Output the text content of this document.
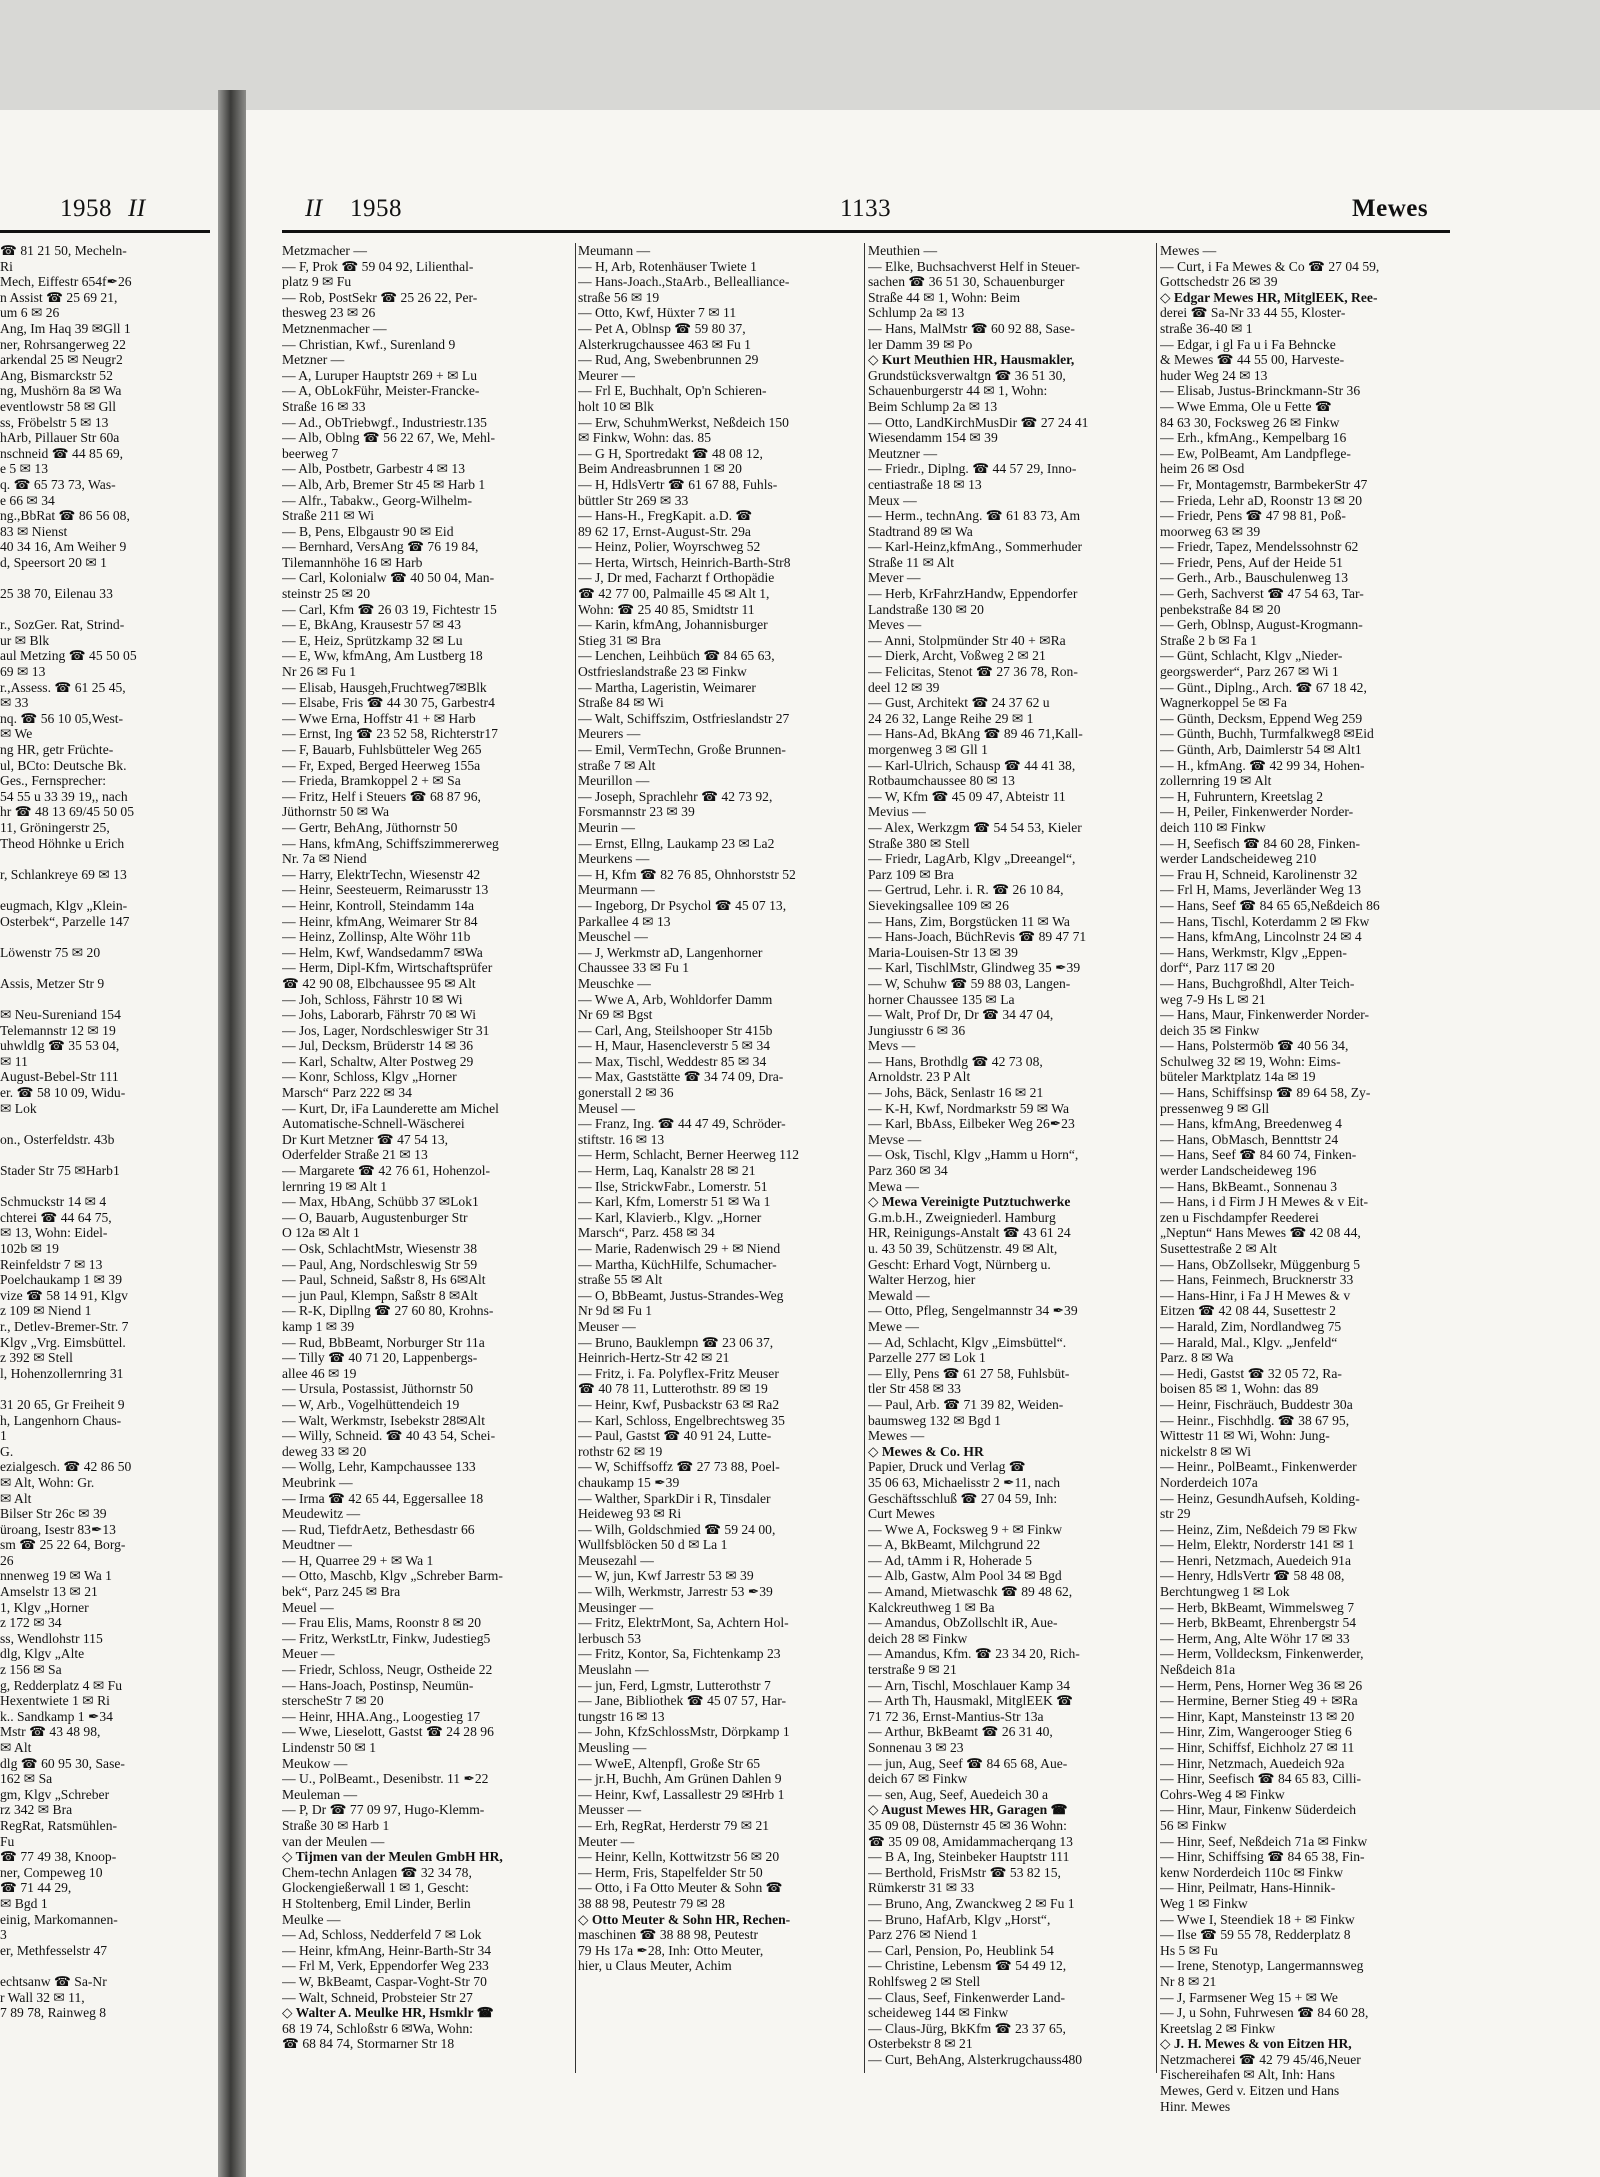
1958 II	II 1958	1133	Mewes
☎ 81 21 50, Mecheln-
Ri
Mech, Eiffestr 654f✒26
n Assist ☎ 25 69 21,
um 6 ✉ 26
Ang, Im Haq 39 ✉Gll 1
ner, Rohrsangerweg 22
arkendal 25 ✉ Neugr2
Ang, Bismarckstr 52
ng, Mushörn 8a ✉ Wa
eventlowstr 58 ✉ Gll
ss, Fröbelstr 5 ✉ 13
hArb, Pillauer Str 60a
nschneid ☎ 44 85 69,
e 5 ✉ 13
q. ☎ 65 73 73, Was-
e 66 ✉ 34
ng.,BbRat ☎ 86 56 08,
83 ✉ Nienst
40 34 16, Am Weiher 9
d, Speersort 20 ✉ 1

25 38 70, Eilenau 33

r., SozGer. Rat, Strind-
ur ✉ Blk
aul Metzing ☎ 45 50 05
69 ✉ 13
r.,Assess. ☎ 61 25 45,
✉ 33
nq. ☎ 56 10 05,West-
✉ We
ng HR, getr Früchte-
ul, BCto: Deutsche Bk.
Ges., Fernsprecher:
54 55 u 33 39 19,, nach
hr ☎ 48 13 69/45 50 05
11, Gröningerstr 25,
Theod Höhnke u Erich

r, Schlankreye 69 ✉ 13

eugmach, Klgv „Klein-
Osterbek“, Parzelle 147

Löwenstr 75 ✉ 20

Assis, Metzer Str 9

✉ Neu-Sureniand 154
Telemannstr 12 ✉ 19
uhwldlg ☎ 35 53 04,
✉ 11
August-Bebel-Str 111
er. ☎ 58 10 09, Widu-
✉ Lok

on., Osterfeldstr. 43b

Stader Str 75 ✉Harb1

Schmuckstr 14 ✉ 4
chterei ☎ 44 64 75,
✉ 13, Wohn: Eidel-
102b ✉ 19
Reinfeldstr 7 ✉ 13
Poelchaukamp 1 ✉ 39
vize ☎ 58 14 91, Klgv
z 109 ✉ Niend 1
r., Detlev-Bremer-Str. 7
Klgv „Vrg. Eimsbüttel.
z 392 ✉ Stell
l, Hohenzollernring 31

31 20 65, Gr Freiheit 9
h, Langenhorn Chaus-
1
G.
ezialgesch. ☎ 42 86 50
✉ Alt, Wohn: Gr.
✉ Alt
Bilser Str 26c ✉ 39
üroang, Isestr 83✒13
sm ☎ 25 22 64, Borg-
26
nnenweg 19 ✉ Wa 1
Amselstr 13 ✉ 21
1, Klgv „Horner
z 172 ✉ 34
ss, Wendlohstr 115
dlg, Klgv „Alte
z 156 ✉ Sa
g, Redderplatz 4 ✉ Fu
Hexentwiete 1 ✉ Ri
k.. Sandkamp 1 ✒34
Mstr ☎ 43 48 98,
✉ Alt
dlg ☎ 60 95 30, Sase-
162 ✉ Sa
gm, Klgv „Schreber
rz 342 ✉ Bra
RegRat, Ratsmühlen-
Fu
☎ 77 49 38, Knoop-
ner, Compeweg 10
☎ 71 44 29,
✉ Bgd 1
einig, Markomannen-
3
er, Methfesselstr 47

echtsanw ☎ Sa-Nr
r Wall 32 ✉ 11,
7 89 78, Rainweg 8
Metzmacher —
— F, Prok ☎ 59 04 92, Lilienthal-
platz 9 ✉ Fu
— Rob, PostSekr ☎ 25 26 22, Per-
thesweg 23 ✉ 26
Metznenmacher —
— Christian, Kwf., Surenland 9
Metzner —
— A, Luruper Hauptstr 269 + ✉ Lu
— A, ObLokFühr, Meister-Francke-
Straße 16 ✉ 33
— Ad., ObTriebwgf., Industriestr.135
— Alb, Oblng ☎ 56 22 67, We, Mehl-
beerweg 7
— Alb, Postbetr, Garbestr 4 ✉ 13
— Alb, Arb, Bremer Str 45 ✉ Harb 1
— Alfr., Tabakw., Georg-Wilhelm-
Straße 211 ✉ Wi
— B, Pens, Elbgaustr 90 ✉ Eid
— Bernhard, VersAng ☎ 76 19 84,
Tilemannhöhe 16 ✉ Harb
— Carl, Kolonialw ☎ 40 50 04, Man-
steinstr 25 ✉ 20
— Carl, Kfm ☎ 26 03 19, Fichtestr 15
— E, BkAng, Krausestr 57 ✉ 43
— E, Heiz, Sprützkamp 32 ✉ Lu
— E, Ww, kfmAng, Am Lustberg 18
Nr 26 ✉ Fu 1
— Elisab, Hausgeh,Fruchtweg7✉Blk
— Elsabe, Fris ☎ 44 30 75, Garbestr4
— Wwe Erna, Hoffstr 41 + ✉ Harb
— Ernst, Ing ☎ 23 52 58, Richterstr17
— F, Bauarb, Fuhlsbütteler Weg 265
— Fr, Exped, Berged Heerweg 155a
— Frieda, Bramkoppel 2 + ✉ Sa
— Fritz, Helf i Steuers ☎ 68 87 96,
Jüthornstr 50 ✉ Wa
— Gertr, BehAng, Jüthornstr 50
— Hans, kfmAng, Schiffszimmererweg
Nr. 7a ✉ Niend
— Harry, ElektrTechn, Wiesenstr 42
— Heinr, Seesteuerm, Reimarusstr 13
— Heinr, Kontroll, Steindamm 14a
— Heinr, kfmAng, Weimarer Str 84
— Heinz, Zollinsp, Alte Wöhr 11b
— Helm, Kwf, Wandsedamm7 ✉Wa
— Herm, Dipl-Kfm, Wirtschaftsprüfer
☎ 42 90 08, Elbchaussee 95 ✉ Alt
— Joh, Schloss, Fährstr 10 ✉ Wi
— Johs, Laborarb, Fährstr 70 ✉ Wi
— Jos, Lager, Nordschleswiger Str 31
— Jul, Decksm, Brüderstr 14 ✉ 36
— Karl, Schaltw, Alter Postweg 29
— Konr, Schloss, Klgv „Horner
Marsch“ Parz 222 ✉ 34
— Kurt, Dr, iFa Launderette am Michel
Automatische-Schnell-Wäscherei
Dr Kurt Metzner ☎ 47 54 13,
Oderfelder Straße 21 ✉ 13
— Margarete ☎ 42 76 61, Hohenzol-
lernring 19 ✉ Alt 1
— Max, HbAng, Schübb 37 ✉Lok1
— O, Bauarb, Augustenburger Str
O 12a ✉ Alt 1
— Osk, SchlachtMstr, Wiesenstr 38
— Paul, Ang, Nordschleswig Str 59
— Paul, Schneid, Saßstr 8, Hs 6✉Alt
— jun Paul, Klempn, Saßstr 8 ✉Alt
— R-K, Dipllng ☎ 27 60 80, Krohns-
kamp 1 ✉ 39
— Rud, BbBeamt, Norburger Str 11a
— Tilly ☎ 40 71 20, Lappenbergs-
allee 46 ✉ 19
— Ursula, Postassist, Jüthornstr 50
— W, Arb., Vogelhüttendeich 19
— Walt, Werkmstr, Isebekstr 28✉Alt
— Willy, Schneid. ☎ 40 43 54, Schei-
deweg 33 ✉ 20
— Wollg, Lehr, Kampchaussee 133
Meubrink —
— Irma ☎ 42 65 44, Eggersallee 18
Meudewitz —
— Rud, TiefdrAetz, Bethesdastr 66
Meudtner —
— H, Quarree 29 + ✉ Wa 1
— Otto, Maschb, Klgv „Schreber Barm-
bek“, Parz 245 ✉ Bra
Meuel —
— Frau Elis, Mams, Roonstr 8 ✉ 20
— Fritz, WerkstLtr, Finkw, Judestieg5
Meuer —
— Friedr, Schloss, Neugr, Ostheide 22
— Hans-Joach, Postinsp, Neumün-
sterscheStr 7 ✉ 20
— Heinr, HHA.Ang., Loogestieg 17
— Wwe, Lieselott, Gastst ☎ 24 28 96
Lindenstr 50 ✉ 1
Meukow —
— U., PolBeamt., Desenibstr. 11 ✒22
Meuleman —
— P, Dr ☎ 77 09 97, Hugo-Klemm-
Straße 30 ✉ Harb 1
van der Meulen —
◇ Tijmen van der Meulen GmbH HR,
Chem-techn Anlagen ☎ 32 34 78,
Glockengießerwall 1 ✉ 1, Gescht:
H Stoltenberg, Emil Linder, Berlin
Meulke —
— Ad, Schloss, Nedderfeld 7 ✉ Lok
— Heinr, kfmAng, Heinr-Barth-Str 34
— Frl M, Verk, Eppendorfer Weg 233
— W, BkBeamt, Caspar-Voght-Str 70
— Walt, Schneid, Probsteier Str 27
◇ Walter A. Meulke HR, Hsmklr ☎
68 19 74, Schloßstr 6 ✉Wa, Wohn:
☎ 68 84 74, Stormarner Str 18
Meumann —
— H, Arb, Rotenhäuser Twiete 1
— Hans-Joach.,StaArb., Bellealliance-
straße 56 ✉ 19
— Otto, Kwf, Hüxter 7 ✉ 11
— Pet A, Oblnsp ☎ 59 80 37,
Alsterkrugchaussee 463 ✉ Fu 1
— Rud, Ang, Swebenbrunnen 29
Meurer —
— Frl E, Buchhalt, Op'n Schieren-
holt 10 ✉ Blk
— Erw, SchuhmWerkst, Neßdeich 150
✉ Finkw, Wohn: das. 85
— G H, Sportredakt ☎ 48 08 12,
Beim Andreasbrunnen 1 ✉ 20
— H, HdlsVertr ☎ 61 67 88, Fuhls-
büttler Str 269 ✉ 33
— Hans-H., FregKapit. a.D. ☎
89 62 17, Ernst-August-Str. 29a
— Heinz, Polier, Woyrschweg 52
— Herta, Wirtsch, Heinrich-Barth-Str8
— J, Dr med, Facharzt f Orthopädie
☎ 42 77 00, Palmaille 45 ✉ Alt 1,
Wohn: ☎ 25 40 85, Smidtstr 11
— Karin, kfmAng, Johannisburger
Stieg 31 ✉ Bra
— Lenchen, Leihbüch ☎ 84 65 63,
Ostfrieslandstraße 23 ✉ Finkw
— Martha, Lageristin, Weimarer
Straße 84 ✉ Wi
— Walt, Schiffszim, Ostfrieslandstr 27
Meurers —
— Emil, VermTechn, Große Brunnen-
straße 7 ✉ Alt
Meurillon —
— Joseph, Sprachlehr ☎ 42 73 92,
Forsmannstr 23 ✉ 39
Meurin —
— Ernst, Ellng, Laukamp 23 ✉ La2
Meurkens —
— H, Kfm ☎ 82 76 85, Ohnhorststr 52
Meurmann —
— Ingeborg, Dr Psychol ☎ 45 07 13,
Parkallee 4 ✉ 13
Meuschel —
— J, Werkmstr aD, Langenhorner
Chaussee 33 ✉ Fu 1
Meuschke —
— Wwe A, Arb, Wohldorfer Damm
Nr 69 ✉ Bgst
— Carl, Ang, Steilshooper Str 415b
— H, Maur, Hasencleverstr 5 ✉ 34
— Max, Tischl, Weddestr 85 ✉ 34
— Max, Gaststätte ☎ 34 74 09, Dra-
gonerstall 2 ✉ 36
Meusel —
— Franz, Ing. ☎ 44 47 49, Schröder-
stiftstr. 16 ✉ 13
— Herm, Schlacht, Berner Heerweg 112
— Herm, Laq, Kanalstr 28 ✉ 21
— Ilse, StrickwFabr., Lomerstr. 51
— Karl, Kfm, Lomerstr 51 ✉ Wa 1
— Karl, Klavierb., Klgv. „Horner
Marsch“, Parz. 458 ✉ 34
— Marie, Radenwisch 29 + ✉ Niend
— Martha, KüchHilfe, Schumacher-
straße 55 ✉ Alt
— O, BbBeamt, Justus-Strandes-Weg
Nr 9d ✉ Fu 1
Meuser —
— Bruno, Bauklempn ☎ 23 06 37,
Heinrich-Hertz-Str 42 ✉ 21
— Fritz, i. Fa. Polyflex-Fritz Meuser
☎ 40 78 11, Lutterothstr. 89 ✉ 19
— Heinr, Kwf, Pusbackstr 63 ✉ Ra2
— Karl, Schloss, Engelbrechtsweg 35
— Paul, Gastst ☎ 40 91 24, Lutte-
rothstr 62 ✉ 19
— W, Schiffsoffz ☎ 27 73 88, Poel-
chaukamp 15 ✒39
— Walther, SparkDir i R, Tinsdaler
Heideweg 93 ✉ Ri
— Wilh, Goldschmied ☎ 59 24 00,
Wullfsblöcken 50 d ✉ La 1
Meusezahl —
— W, jun, Kwf Jarrestr 53 ✉ 39
— Wilh, Werkmstr, Jarrestr 53 ✒39
Meusinger —
— Fritz, ElektrMont, Sa, Achtern Hol-
lerbusch 53
— Fritz, Kontor, Sa, Fichtenkamp 23
Meuslahn —
— jun, Ferd, Lgmstr, Lutterothstr 7
— Jane, Bibliothek ☎ 45 07 57, Har-
tungstr 16 ✉ 13
— John, KfzSchlossMstr, Dörpkamp 1
Meusling —
— WweE, Altenpfl, Große Str 65
— jr.H, Buchh, Am Grünen Dahlen 9
— Heinr, Kwf, Lassallestr 29 ✉Hrb 1
Meusser —
— Erh, RegRat, Herderstr 79 ✉ 21
Meuter —
— Heinr, Kelln, Kottwitzstr 56 ✉ 20
— Herm, Fris, Stapelfelder Str 50
— Otto, i Fa Otto Meuter & Sohn ☎
38 88 98, Peutestr 79 ✉ 28
◇ Otto Meuter & Sohn HR, Rechen-
maschinen ☎ 38 88 98, Peutestr
79 Hs 17a ✒28, Inh: Otto Meuter,
hier, u Claus Meuter, Achim
Meuthien —
— Elke, Buchsachverst Helf in Steuer-
sachen ☎ 36 51 30, Schauenburger
Straße 44 ✉ 1, Wohn: Beim
Schlump 2a ✉ 13
— Hans, MalMstr ☎ 60 92 88, Sase-
ler Damm 39 ✉ Po
◇ Kurt Meuthien HR, Hausmakler,
Grundstücksverwaltgn ☎ 36 51 30,
Schauenburgerstr 44 ✉ 1, Wohn:
Beim Schlump 2a ✉ 13
— Otto, LandKirchMusDir ☎ 27 24 41
Wiesendamm 154 ✉ 39
Meutzner —
— Friedr., Diplng. ☎ 44 57 29, Inno-
centiastraße 18 ✉ 13
Meux —
— Herm., technAng. ☎ 61 83 73, Am
Stadtrand 89 ✉ Wa
— Karl-Heinz,kfmAng., Sommerhuder
Straße 11 ✉ Alt
Mever —
— Herb, KrFahrzHandw, Eppendorfer
Landstraße 130 ✉ 20
Meves —
— Anni, Stolpmünder Str 40 + ✉Ra
— Dierk, Archt, Voßweg 2 ✉ 21
— Felicitas, Stenot ☎ 27 36 78, Ron-
deel 12 ✉ 39
— Gust, Architekt ☎ 24 37 62 u
24 26 32, Lange Reihe 29 ✉ 1
— Hans-Ad, BkAng ☎ 89 46 71,Kall-
morgenweg 3 ✉ Gll 1
— Karl-Ulrich, Schausp ☎ 44 41 38,
Rotbaumchaussee 80 ✉ 13
— W, Kfm ☎ 45 09 47, Abteistr 11
Mevius —
— Alex, Werkzgm ☎ 54 54 53, Kieler
Straße 380 ✉ Stell
— Friedr, LagArb, Klgv „Dreeangel“,
Parz 109 ✉ Bra
— Gertrud, Lehr. i. R. ☎ 26 10 84,
Sievekingsallee 109 ✉ 26
— Hans, Zim, Borgstücken 11 ✉ Wa
— Hans-Joach, BüchRevis ☎ 89 47 71
Maria-Louisen-Str 13 ✉ 39
— Karl, TischlMstr, Glindweg 35 ✒39
— W, Schuhw ☎ 59 88 03, Langen-
horner Chaussee 135 ✉ La
— Walt, Prof Dr, Dr ☎ 34 47 04,
Jungiusstr 6 ✉ 36
Mevs —
— Hans, Brothdlg ☎ 42 73 08,
Arnoldstr. 23 P Alt
— Johs, Bäck, Senlastr 16 ✉ 21
— K-H, Kwf, Nordmarkstr 59 ✉ Wa
— Karl, BbAss, Eilbeker Weg 26✒23
Mevse —
— Osk, Tischl, Klgv „Hamm u Horn“,
Parz 360 ✉ 34
Mewa —
◇ Mewa Vereinigte Putztuchwerke
G.m.b.H., Zweigniederl. Hamburg
HR, Reinigungs-Anstalt ☎ 43 61 24
u. 43 50 39, Schützenstr. 49 ✉ Alt,
Gescht: Erhard Vogt, Nürnberg u.
Walter Herzog, hier
Mewald —
— Otto, Pfleg, Sengelmannstr 34 ✒39
Mewe —
— Ad, Schlacht, Klgv „Eimsbüttel“.
Parzelle 277 ✉ Lok 1
— Elly, Pens ☎ 61 27 58, Fuhlsbüt-
tler Str 458 ✉ 33
— Paul, Arb. ☎ 71 39 82, Weiden-
baumsweg 132 ✉ Bgd 1
Mewes —
◇ Mewes & Co. HR
Papier, Druck und Verlag ☎
35 06 63, Michaelisstr 2 ✒11, nach
Geschäftsschluß ☎ 27 04 59, Inh:
Curt Mewes
— Wwe A, Focksweg 9 + ✉ Finkw
— A, BkBeamt, Milchgrund 22
— Ad, tAmm i R, Hoherade 5
— Alb, Gastw, Alm Pool 34 ✉ Bgd
— Amand, Mietwaschk ☎ 89 48 62,
Kalckreuthweg 1 ✉ Ba
— Amandus, ObZollschlt iR, Aue-
deich 28 ✉ Finkw
— Amandus, Kfm. ☎ 23 34 20, Rich-
terstraße 9 ✉ 21
— Arn, Tischl, Moschlauer Kamp 34
— Arth Th, Hausmakl, MitglEEK ☎
71 72 36, Ernst-Mantius-Str 13a
— Arthur, BkBeamt ☎ 26 31 40,
Sonnenau 3 ✉ 23
— jun, Aug, Seef ☎ 84 65 68, Aue-
deich 67 ✉ Finkw
— sen, Aug, Seef, Auedeich 30 a
◇ August Mewes HR, Garagen ☎
35 09 08, Düsternstr 45 ✉ 36 Wohn:
☎ 35 09 08, Amidammacherqang 13
— B A, Ing, Steinbeker Hauptstr 111
— Berthold, FrisMstr ☎ 53 82 15,
Rümkerstr 31 ✉ 33
— Bruno, Ang, Zwanckweg 2 ✉ Fu 1
— Bruno, HafArb, Klgv „Horst“,
Parz 276 ✉ Niend 1
— Carl, Pension, Po, Heublink 54
— Christine, Lebensm ☎ 54 49 12,
Rohlfsweg 2 ✉ Stell
— Claus, Seef, Finkenwerder Land-
scheideweg 144 ✉ Finkw
— Claus-Jürg, BkKfm ☎ 23 37 65,
Osterbekstr 8 ✉ 21
— Curt, BehAng, Alsterkrugchauss480
Mewes —
— Curt, i Fa Mewes & Co ☎ 27 04 59,
Gottschedstr 26 ✉ 39
◇ Edgar Mewes HR, MitglEEK, Ree-
derei ☎ Sa-Nr 33 44 55, Kloster-
straße 36-40 ✉ 1
— Edgar, i gl Fa u i Fa Behncke
& Mewes ☎ 44 55 00, Harveste-
huder Weg 24 ✉ 13
— Elisab, Justus-Brinckmann-Str 36
— Wwe Emma, Ole u Fette ☎
84 63 30, Focksweg 26 ✉ Finkw
— Erh., kfmAng., Kempelbarg 16
— Ew, PolBeamt, Am Landpflege-
heim 26 ✉ Osd
— Fr, Montagemstr, BarmbekerStr 47
— Frieda, Lehr aD, Roonstr 13 ✉ 20
— Friedr, Pens ☎ 47 98 81, Poß-
moorweg 63 ✉ 39
— Friedr, Tapez, Mendelssohnstr 62
— Friedr, Pens, Auf der Heide 51
— Gerh., Arb., Bauschulenweg 13
— Gerh, Sachverst ☎ 47 54 63, Tar-
penbekstraße 84 ✉ 20
— Gerh, Oblnsp, August-Krogmann-
Straße 2 b ✉ Fa 1
— Günt, Schlacht, Klgv „Nieder-
georgswerder“, Parz 267 ✉ Wi 1
— Günt., Diplng., Arch. ☎ 67 18 42,
Wagnerkoppel 5e ✉ Fa
— Günth, Decksm, Eppend Weg 259
— Günth, Buchh, Turmfalkweg8 ✉Eid
— Günth, Arb, Daimlerstr 54 ✉ Alt1
— H., kfmAng. ☎ 42 99 34, Hohen-
zollernring 19 ✉ Alt
— H, Fuhruntern, Kreetslag 2
— H, Peiler, Finkenwerder Norder-
deich 110 ✉ Finkw
— H, Seefisch ☎ 84 60 28, Finken-
werder Landscheideweg 210
— Frau H, Schneid, Karolinenstr 32
— Frl H, Mams, Jeverländer Weg 13
— Hans, Seef ☎ 84 65 65,Neßdeich 86
— Hans, Tischl, Koterdamm 2 ✉ Fkw
— Hans, kfmAng, Lincolnstr 24 ✉ 4
— Hans, Werkmstr, Klgv „Eppen-
dorf“, Parz 117 ✉ 20
— Hans, Buchgroßhdl, Alter Teich-
weg 7-9 Hs L ✉ 21
— Hans, Maur, Finkenwerder Norder-
deich 35 ✉ Finkw
— Hans, Polstermöb ☎ 40 56 34,
Schulweg 32 ✉ 19, Wohn: Eims-
büteler Marktplatz 14a ✉ 19
— Hans, Schiffsinsp ☎ 89 64 58, Zy-
pressenweg 9 ✉ Gll
— Hans, kfmAng, Breedenweg 4
— Hans, ObMasch, Bennttstr 24
— Hans, Seef ☎ 84 60 74, Finken-
werder Landscheideweg 196
— Hans, BkBeamt., Sonnenau 3
— Hans, i d Firm J H Mewes & v Eit-
zen u Fischdampfer Reederei
„Neptun“ Hans Mewes ☎ 42 08 44,
Susettestraße 2 ✉ Alt
— Hans, ObZollsekr, Müggenburg 5
— Hans, Feinmech, Brucknerstr 33
— Hans-Hinr, i Fa J H Mewes & v
Eitzen ☎ 42 08 44, Susettestr 2
— Harald, Zim, Nordlandweg 75
— Harald, Mal., Klgv. „Jenfeld“
Parz. 8 ✉ Wa
— Hedi, Gastst ☎ 32 05 72, Ra-
boisen 85 ✉ 1, Wohn: das 89
— Heinr, Fischräuch, Buddestr 30a
— Heinr., Fischhdlg. ☎ 38 67 95,
Wittestr 11 ✉ Wi, Wohn: Jung-
nickelstr 8 ✉ Wi
— Heinr., PolBeamt., Finkenwerder
Norderdeich 107a
— Heinz, GesundhAufseh, Kolding-
str 29
— Heinz, Zim, Neßdeich 79 ✉ Fkw
— Helm, Elektr, Norderstr 141 ✉ 1
— Henri, Netzmach, Auedeich 91a
— Henry, HdlsVertr ☎ 58 48 08,
Berchtungweg 1 ✉ Lok
— Herb, BkBeamt, Wimmelsweg 7
— Herb, BkBeamt, Ehrenbergstr 54
— Herm, Ang, Alte Wöhr 17 ✉ 33
— Herm, Volldecksm, Finkenwerder,
Neßdeich 81a
— Herm, Pens, Horner Weg 36 ✉ 26
— Hermine, Berner Stieg 49 + ✉Ra
— Hinr, Kapt, Mansteinstr 13 ✉ 20
— Hinr, Zim, Wangerooger Stieg 6
— Hinr, Schiffsf, Eichholz 27 ✉ 11
— Hinr, Netzmach, Auedeich 92a
— Hinr, Seefisch ☎ 84 65 83, Cilli-
Cohrs-Weg 4 ✉ Finkw
— Hinr, Maur, Finkenw Süderdeich
56 ✉ Finkw
— Hinr, Seef, Neßdeich 71a ✉ Finkw
— Hinr, Schiffsing ☎ 84 65 38, Fin-
kenw Norderdeich 110c ✉ Finkw
— Hinr, Peilmatr, Hans-Hinnik-
Weg 1 ✉ Finkw
— Wwe I, Steendiek 18 + ✉ Finkw
— Ilse ☎ 59 55 78, Redderplatz 8
Hs 5 ✉ Fu
— Irene, Stenotyp, Langermannsweg
Nr 8 ✉ 21
— J, Farmsener Weg 15 + ✉ We
— J, u Sohn, Fuhrwesen ☎ 84 60 28,
Kreetslag 2 ✉ Finkw
◇ J. H. Mewes & von Eitzen HR,
Netzmacherei ☎ 42 79 45/46,Neuer
Fischereihafen ✉ Alt, Inh: Hans
Mewes, Gerd v. Eitzen und Hans
Hinr. Mewes
